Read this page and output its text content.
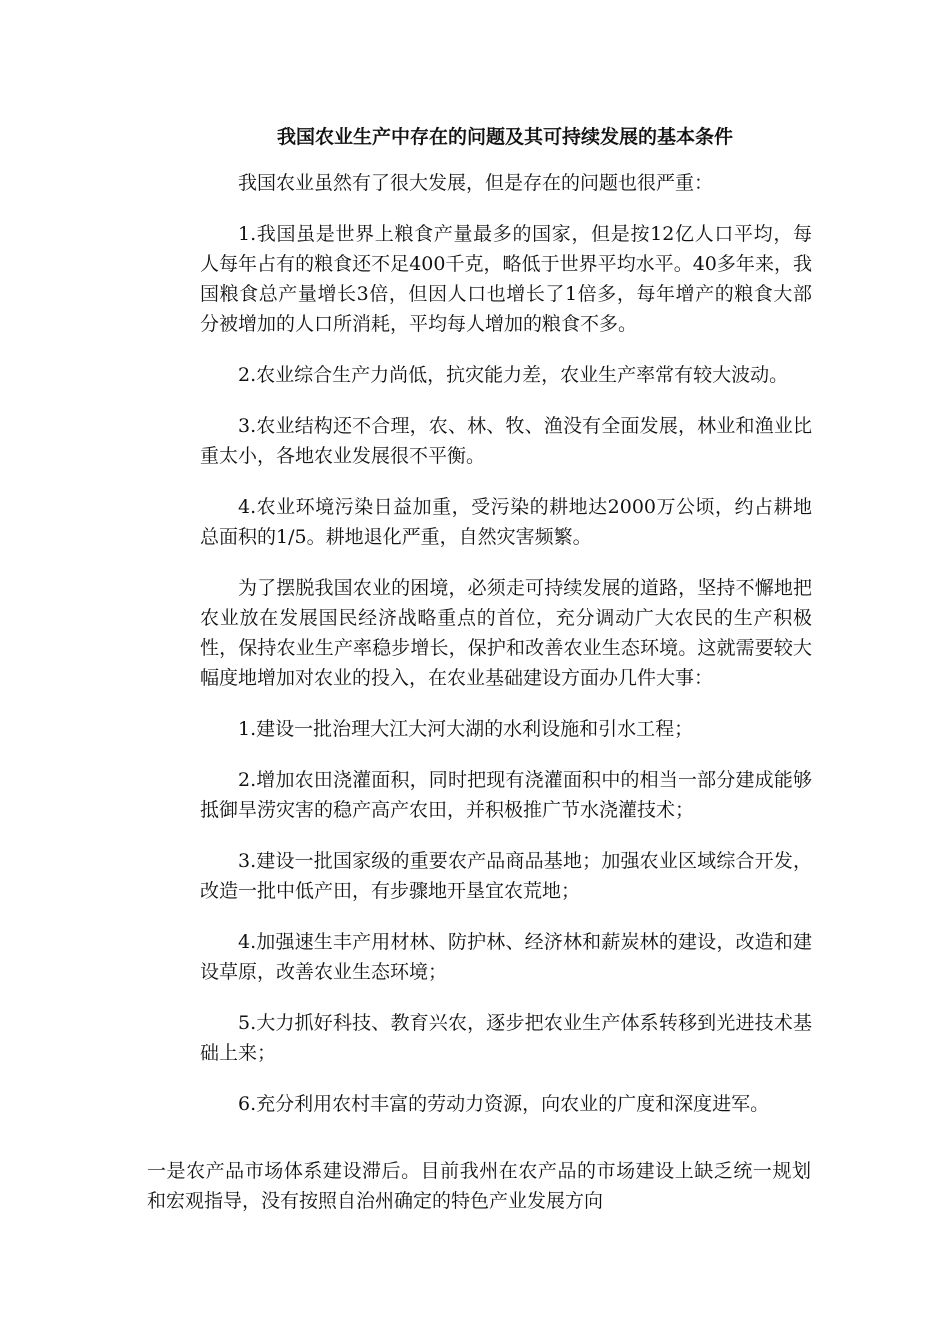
我国农业生产中存在的问题及其可持续发展的基本条件

我国农业虽然有了很大发展，但是存在的问题也很严重：

1.我国虽是世界上粮食产量最多的国家，但是按12亿人口平均，每人每年占有的粮食还不足400千克，略低于世界平均水平。40多年来，我国粮食总产量增长3倍，但因人口也增长了1倍多，每年增产的粮食大部分被增加的人口所消耗，平均每人增加的粮食不多。

2.农业综合生产力尚低，抗灾能力差，农业生产率常有较大波动。

3.农业结构还不合理，农、林、牧、渔没有全面发展，林业和渔业比重太小，各地农业发展很不平衡。

4.农业环境污染日益加重，受污染的耕地达2000万公顷，约占耕地总面积的1/5。耕地退化严重，自然灾害频繁。

为了摆脱我国农业的困境，必须走可持续发展的道路，坚持不懈地把农业放在发展国民经济战略重点的首位，充分调动广大农民的生产积极性，保持农业生产率稳步增长，保护和改善农业生态环境。这就需要较大幅度地增加对农业的投入，在农业基础建设方面办几件大事：

1.建设一批治理大江大河大湖的水利设施和引水工程；

2.增加农田浇灌面积，同时把现有浇灌面积中的相当一部分建成能够抵御旱涝灾害的稳产高产农田，并积极推广节水浇灌技术；

3.建设一批国家级的重要农产品商品基地；加强农业区域综合开发，改造一批中低产田，有步骤地开垦宜农荒地；

4.加强速生丰产用材林、防护林、经济林和薪炭林的建设，改造和建设草原，改善农业生态环境；

5.大力抓好科技、教育兴农，逐步把农业生产体系转移到光进技术基础上来；

6.充分利用农村丰富的劳动力资源，向农业的广度和深度进军。

一是农产品市场体系建设滞后。目前我州在农产品的市场建设上缺乏统一规划和宏观指导，没有按照自治州确定的特色产业发展方向
